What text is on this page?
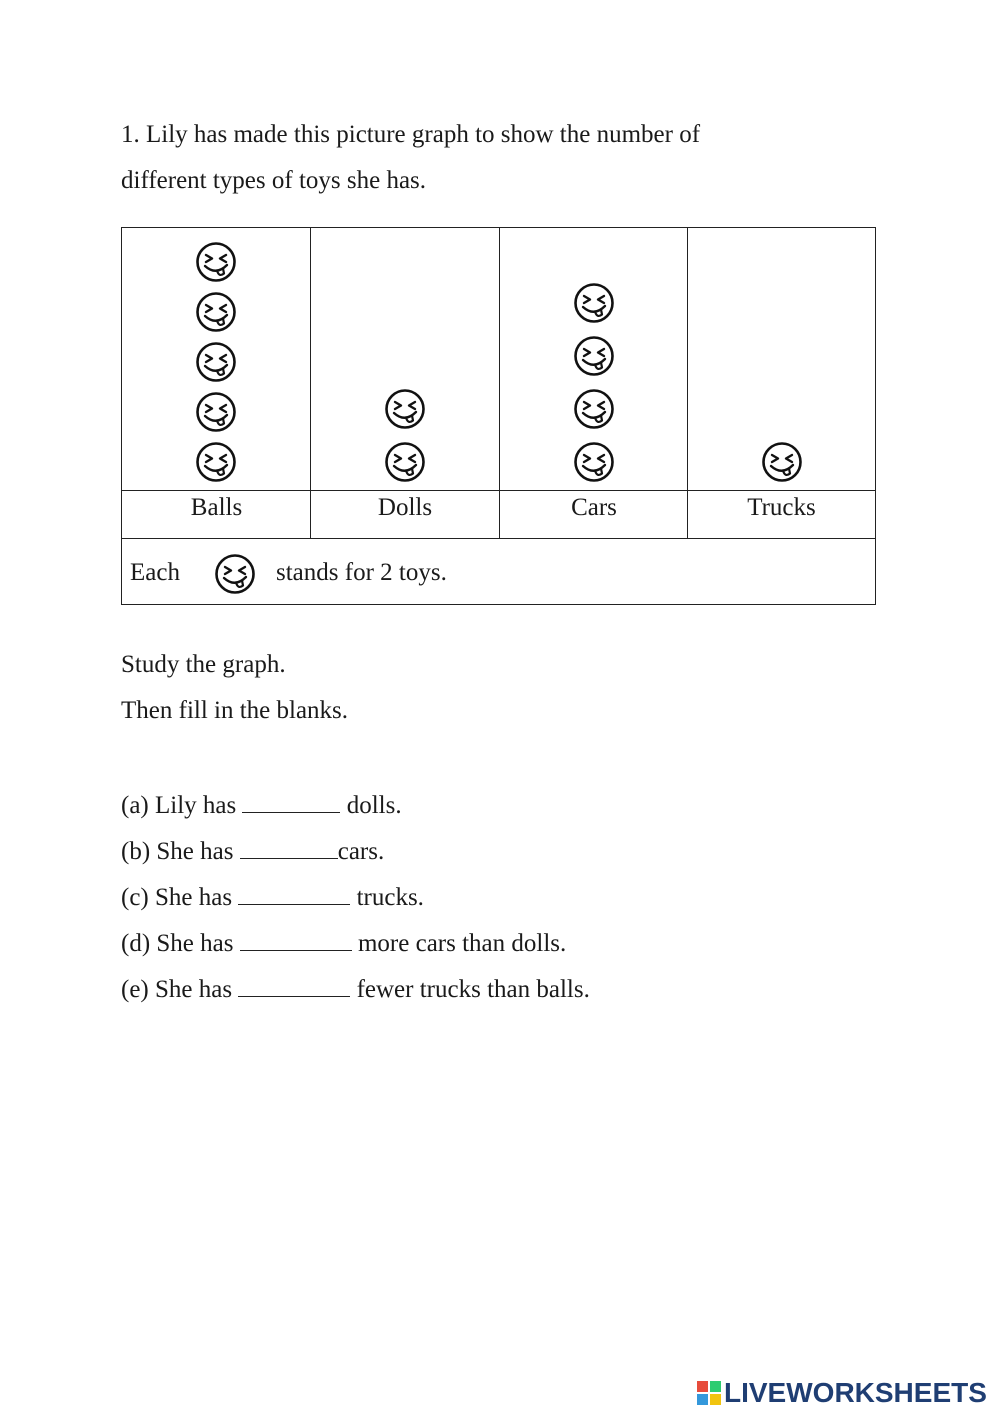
1. Lily has made this picture graph to show the number of
different types of toys she has.
Balls	Dolls	Cars	Trucks
Each	stands for 2 toys.
Study the graph.
Then fill in the blanks.
(a) Lily has	dolls.
(b) She has	cars.
(c) She has	trucks.
(d) She has	more cars than dolls.
(e) She has	fewer trucks than balls.
LIVEWORKSHEETS
